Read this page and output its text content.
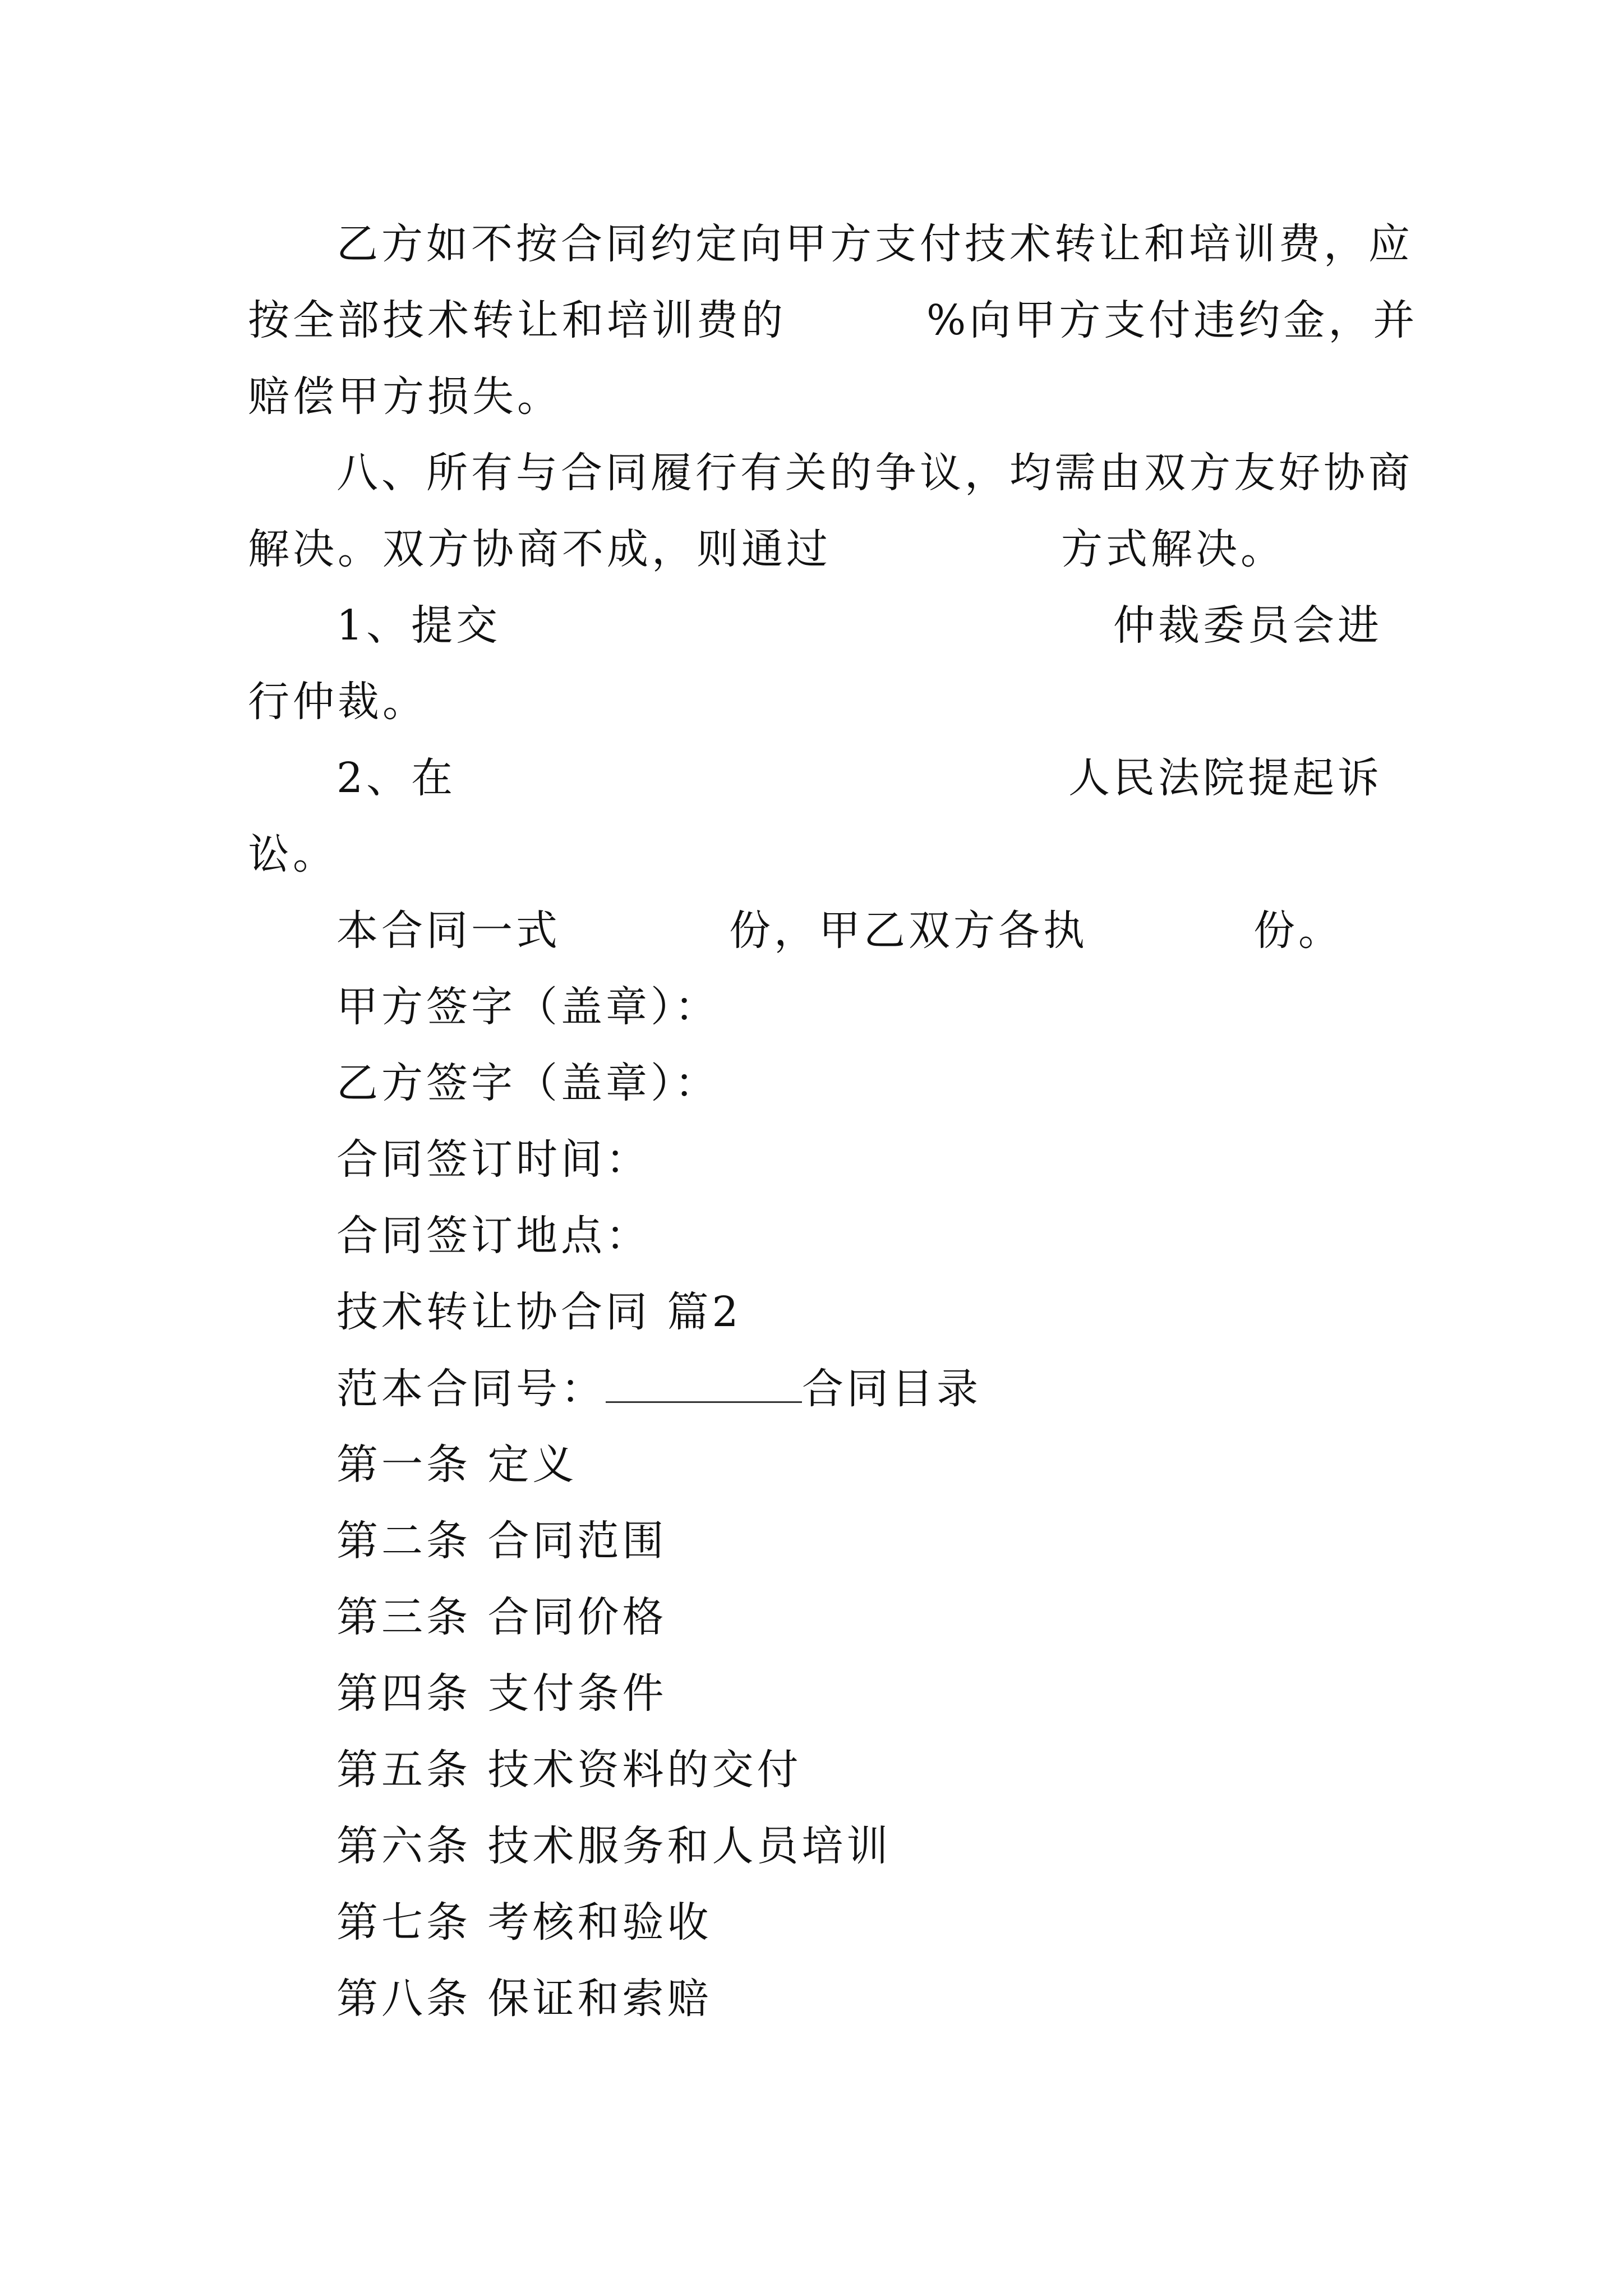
乙方如不按合同约定向甲方支付技术转让和培训费，应
按全部技术转让和培训费的	%向甲方支付违约金，并
赔偿甲方损失。
八、所有与合同履行有关的争议，均需由双方友好协商
解决。双方协商不成，则通过	方式解决。
1、提交	仲裁委员会进
行仲裁。
2、在	人民法院提起诉
讼。
本合同一式	份，甲乙双方各执	份。
甲方签字（盖章）：
乙方签字（盖章）：
合同签订时间：
合同签订地点：
技术转让协合同 篇2
范本合同号：	合同目录
第一条 定义
第二条 合同范围
第三条 合同价格
第四条 支付条件
第五条 技术资料的交付
第六条 技术服务和人员培训
第七条 考核和验收
第八条 保证和索赔
